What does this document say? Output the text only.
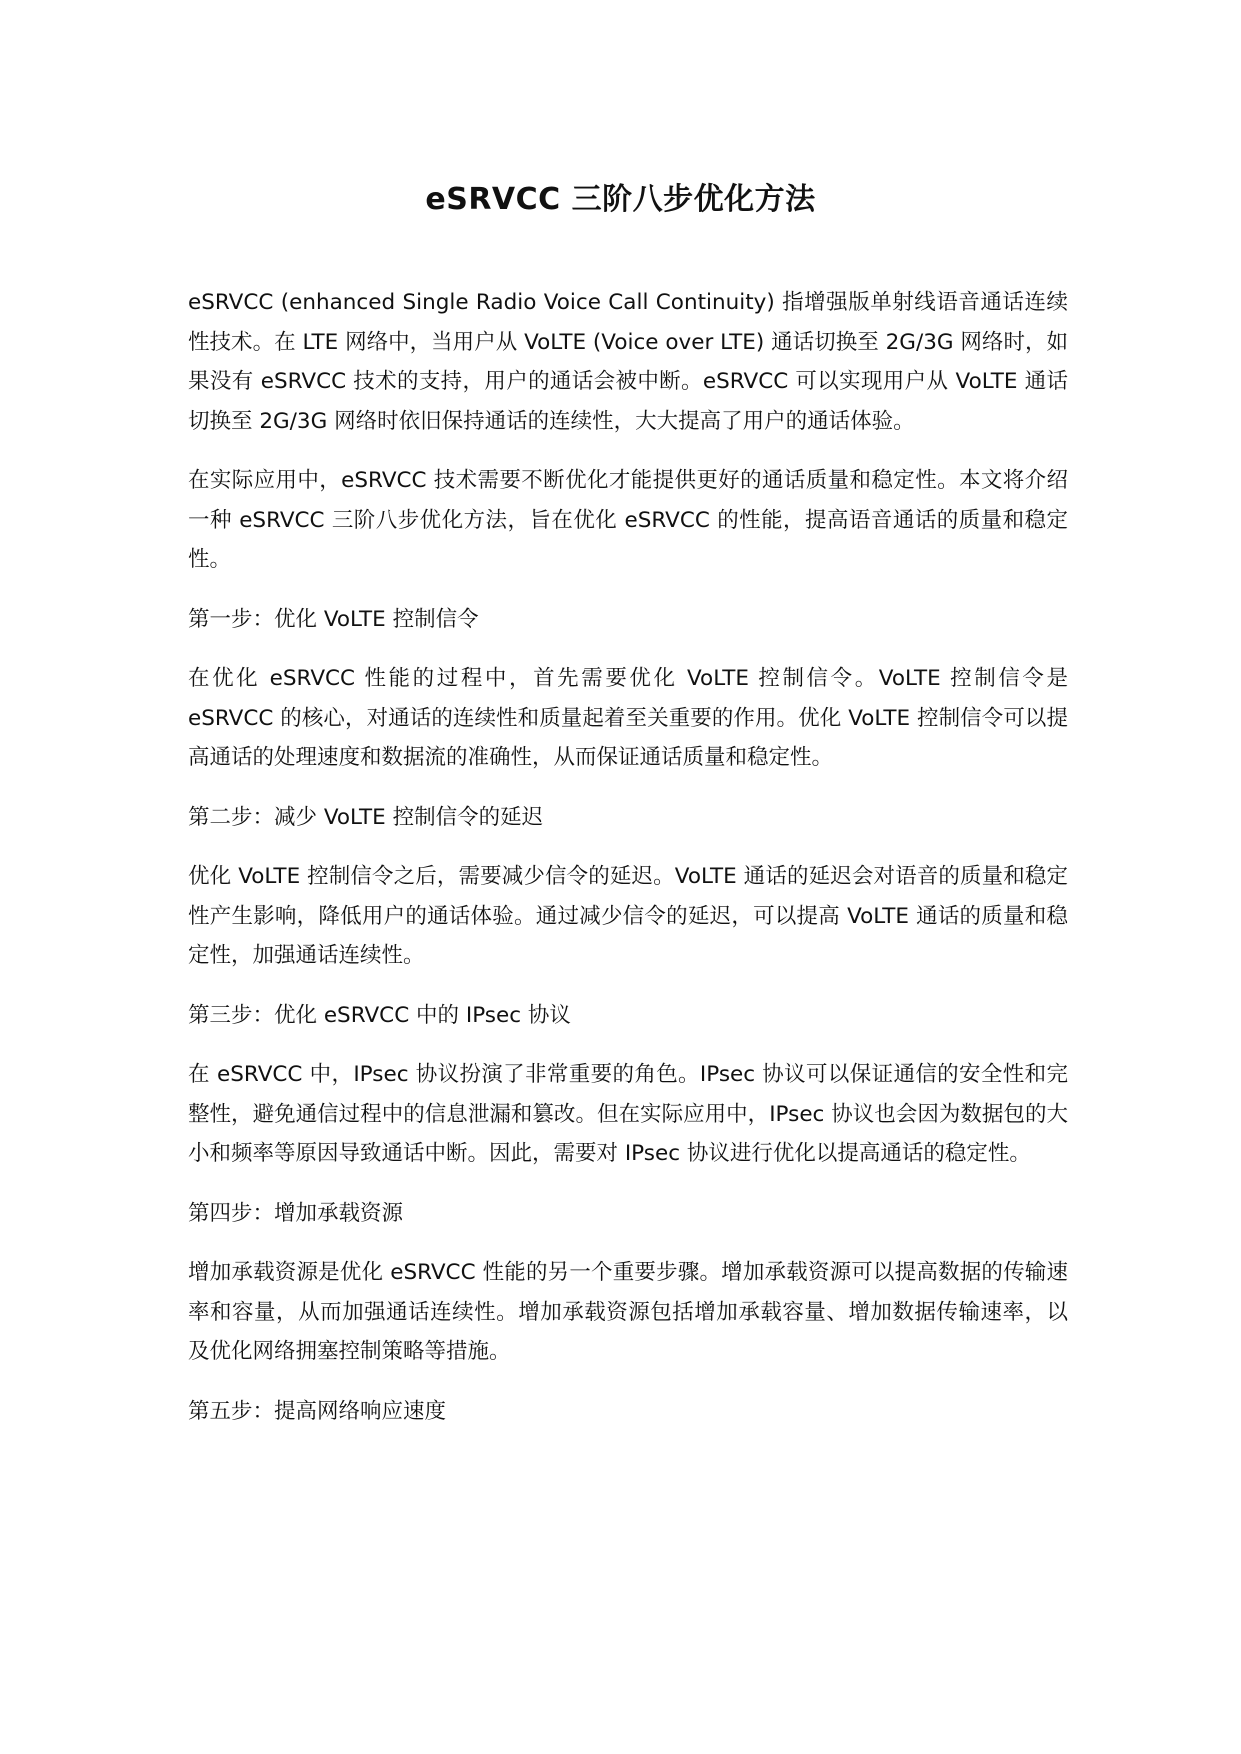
eSRVCC 三阶八步优化方法

eSRVCC (enhanced Single Radio Voice Call Continuity) 指增强版单射线语音通话连续性技术。在 LTE 网络中，当用户从 VoLTE (Voice over LTE) 通话切换至 2G/3G 网络时，如果没有 eSRVCC 技术的支持，用户的通话会被中断。eSRVCC 可以实现用户从 VoLTE 通话切换至 2G/3G 网络时依旧保持通话的连续性，大大提高了用户的通话体验。

在实际应用中，eSRVCC 技术需要不断优化才能提供更好的通话质量和稳定性。本文将介绍一种 eSRVCC 三阶八步优化方法，旨在优化 eSRVCC 的性能，提高语音通话的质量和稳定性。

第一步：优化 VoLTE 控制信令

在优化 eSRVCC 性能的过程中，首先需要优化 VoLTE 控制信令。VoLTE 控制信令是 eSRVCC 的核心，对通话的连续性和质量起着至关重要的作用。优化 VoLTE 控制信令可以提高通话的处理速度和数据流的准确性，从而保证通话质量和稳定性。

第二步：减少 VoLTE 控制信令的延迟

优化 VoLTE 控制信令之后，需要减少信令的延迟。VoLTE 通话的延迟会对语音的质量和稳定性产生影响，降低用户的通话体验。通过减少信令的延迟，可以提高 VoLTE 通话的质量和稳定性，加强通话连续性。

第三步：优化 eSRVCC 中的 IPsec 协议

在 eSRVCC 中，IPsec 协议扮演了非常重要的角色。IPsec 协议可以保证通信的安全性和完整性，避免通信过程中的信息泄漏和篡改。但在实际应用中，IPsec 协议也会因为数据包的大小和频率等原因导致通话中断。因此，需要对 IPsec 协议进行优化以提高通话的稳定性。

第四步：增加承载资源

增加承载资源是优化 eSRVCC 性能的另一个重要步骤。增加承载资源可以提高数据的传输速率和容量，从而加强通话连续性。增加承载资源包括增加承载容量、增加数据传输速率，以及优化网络拥塞控制策略等措施。

第五步：提高网络响应速度
